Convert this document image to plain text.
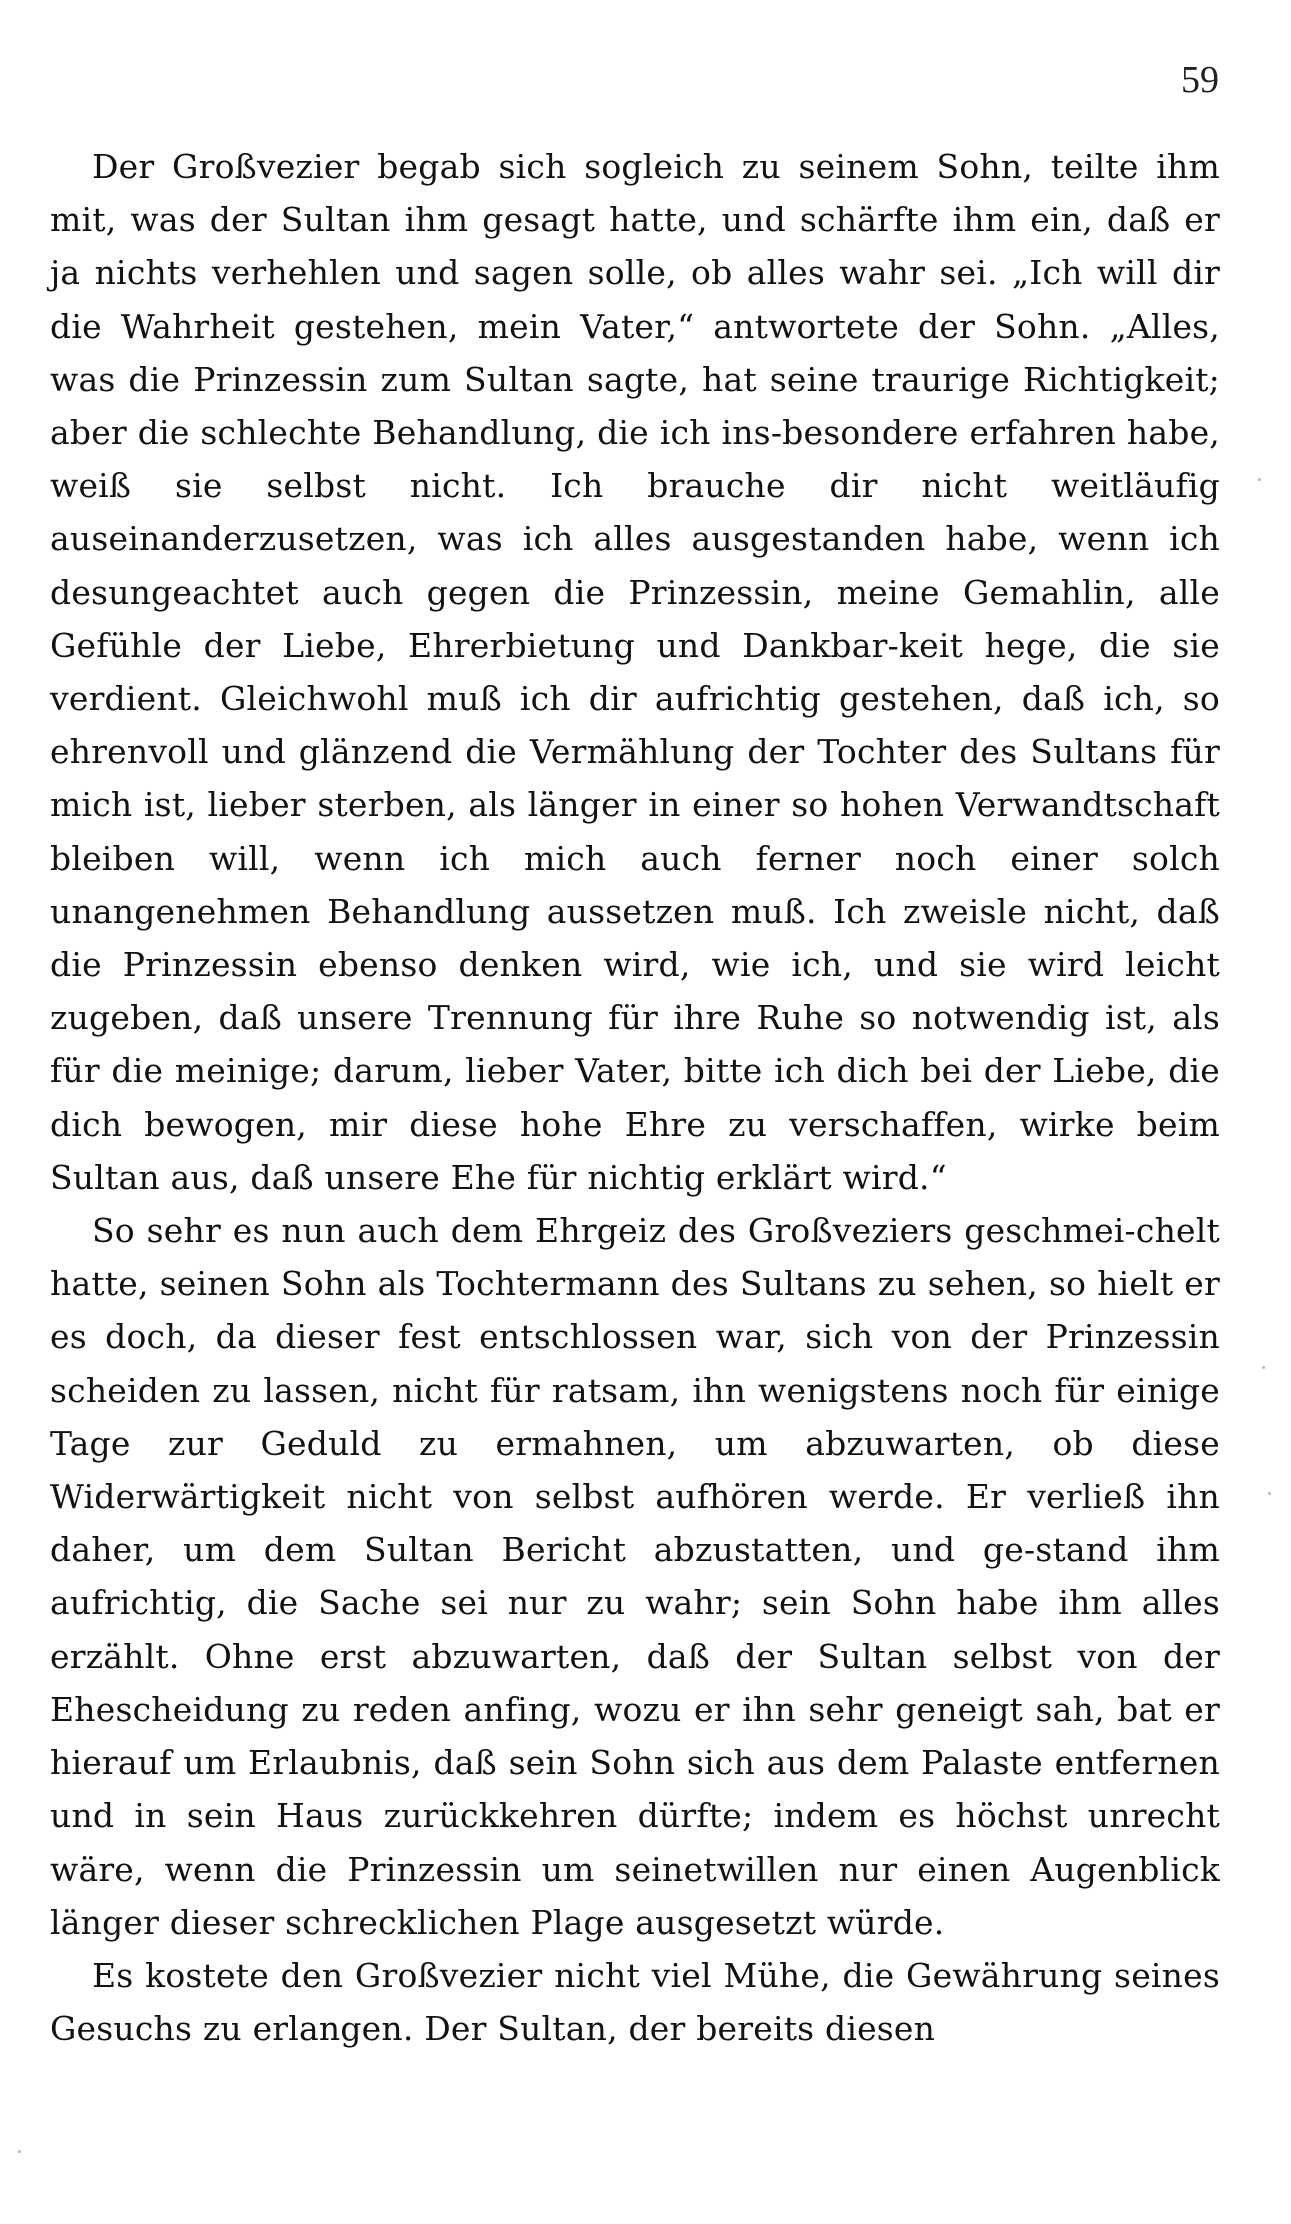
59

Der Großvezier begab sich sogleich zu seinem Sohn, teilte ihm mit, was der Sultan ihm gesagt hatte, und schärfte ihm ein, daß er ja nichts verhehlen und sagen solle, ob alles wahr sei. „Ich will dir die Wahrheit gestehen, mein Vater,“ antwortete der Sohn. „Alles, was die Prinzessin zum Sultan sagte, hat seine traurige Richtigkeit; aber die schlechte Behandlung, die ich ins-besondere erfahren habe, weiß sie selbst nicht. Ich brauche dir nicht weitläufig auseinanderzusetzen, was ich alles ausgestanden habe, wenn ich desungeachtet auch gegen die Prinzessin, meine Gemahlin, alle Gefühle der Liebe, Ehrerbietung und Dankbar-keit hege, die sie verdient. Gleichwohl muß ich dir aufrichtig gestehen, daß ich, so ehrenvoll und glänzend die Vermählung der Tochter des Sultans für mich ist, lieber sterben, als länger in einer so hohen Verwandtschaft bleiben will, wenn ich mich auch ferner noch einer solch unangenehmen Behandlung aussetzen muß. Ich zweisle nicht, daß die Prinzessin ebenso denken wird, wie ich, und sie wird leicht zugeben, daß unsere Trennung für ihre Ruhe so notwendig ist, als für die meinige; darum, lieber Vater, bitte ich dich bei der Liebe, die dich bewogen, mir diese hohe Ehre zu verschaffen, wirke beim Sultan aus, daß unsere Ehe für nichtig erklärt wird.“

So sehr es nun auch dem Ehrgeiz des Großveziers geschmei-chelt hatte, seinen Sohn als Tochtermann des Sultans zu sehen, so hielt er es doch, da dieser fest entschlossen war, sich von der Prinzessin scheiden zu lassen, nicht für ratsam, ihn wenigstens noch für einige Tage zur Geduld zu ermahnen, um abzuwarten, ob diese Widerwärtigkeit nicht von selbst aufhören werde. Er verließ ihn daher, um dem Sultan Bericht abzustatten, und ge-stand ihm aufrichtig, die Sache sei nur zu wahr; sein Sohn habe ihm alles erzählt. Ohne erst abzuwarten, daß der Sultan selbst von der Ehescheidung zu reden anfing, wozu er ihn sehr geneigt sah, bat er hierauf um Erlaubnis, daß sein Sohn sich aus dem Palaste entfernen und in sein Haus zurückkehren dürfte; indem es höchst unrecht wäre, wenn die Prinzessin um seinetwillen nur einen Augenblick länger dieser schrecklichen Plage ausgesetzt würde.

Es kostete den Großvezier nicht viel Mühe, die Gewährung seines Gesuchs zu erlangen. Der Sultan, der bereits diesen
